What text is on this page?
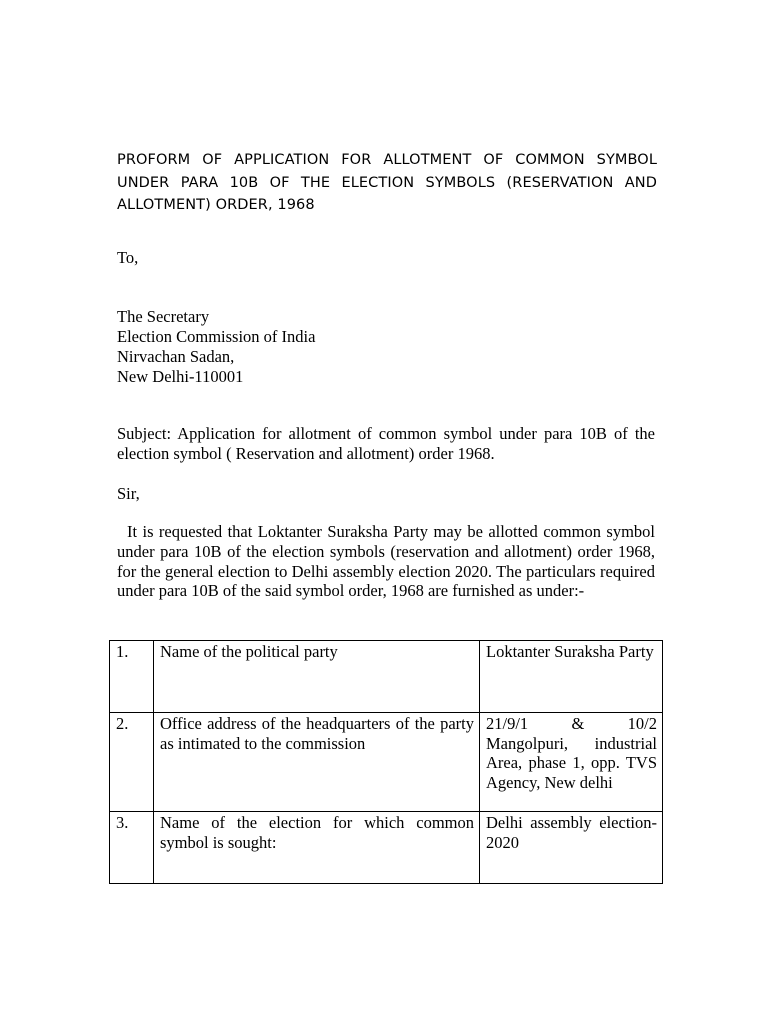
PROFORM OF APPLICATION FOR ALLOTMENT OF COMMON SYMBOL UNDER PARA 10B OF THE ELECTION SYMBOLS (RESERVATION AND ALLOTMENT) ORDER, 1968
To,
The Secretary
Election Commission of India
Nirvachan Sadan,
New Delhi-110001
Subject: Application for allotment of common symbol under para 10B of the election symbol ( Reservation and allotment) order 1968.
Sir,
It is requested that Loktanter Suraksha Party may be allotted common symbol under para 10B of the election symbols (reservation and allotment) order 1968, for the general election to Delhi assembly election 2020. The particulars required under para 10B of the said symbol order, 1968 are furnished as under:-
1.	Name of the political party	Loktanter Suraksha Party
2.	Office address of the headquarters of the party as intimated to the commission	21/9/1 & 10/2 Mangolpuri, industrial Area, phase 1, opp. TVS Agency, New delhi
3.	Name of the election for which common symbol is sought:	Delhi assembly election- 2020
